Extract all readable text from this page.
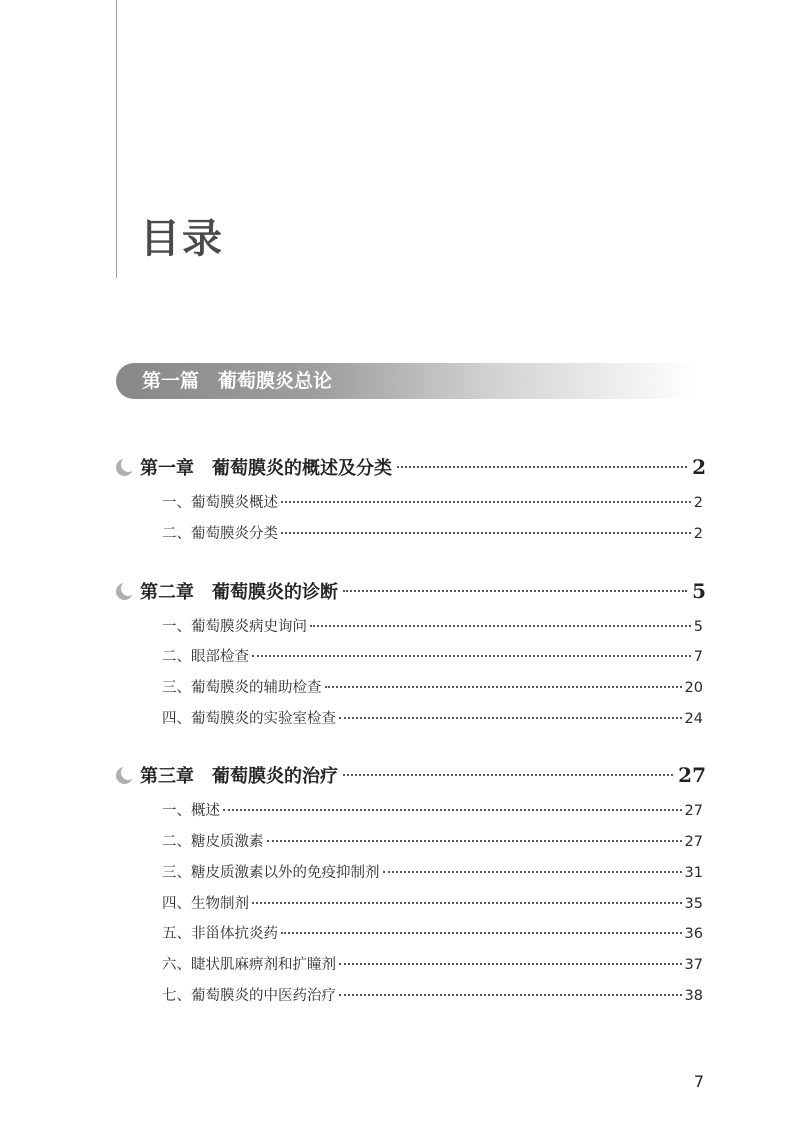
目录
第一篇　葡萄膜炎总论
第一章　葡萄膜炎的概述及分类	2
一、葡萄膜炎概述	2
二、葡萄膜炎分类	2
第二章　葡萄膜炎的诊断	5
一、葡萄膜炎病史询问	5
二、眼部检查	7
三、葡萄膜炎的辅助检查	20
四、葡萄膜炎的实验室检查	24
第三章　葡萄膜炎的治疗	27
一、概述	27
二、糖皮质激素	27
三、糖皮质激素以外的免疫抑制剂	31
四、生物制剂	35
五、非甾体抗炎药	36
六、睫状肌麻痹剂和扩瞳剂	37
七、葡萄膜炎的中医药治疗	38
7
